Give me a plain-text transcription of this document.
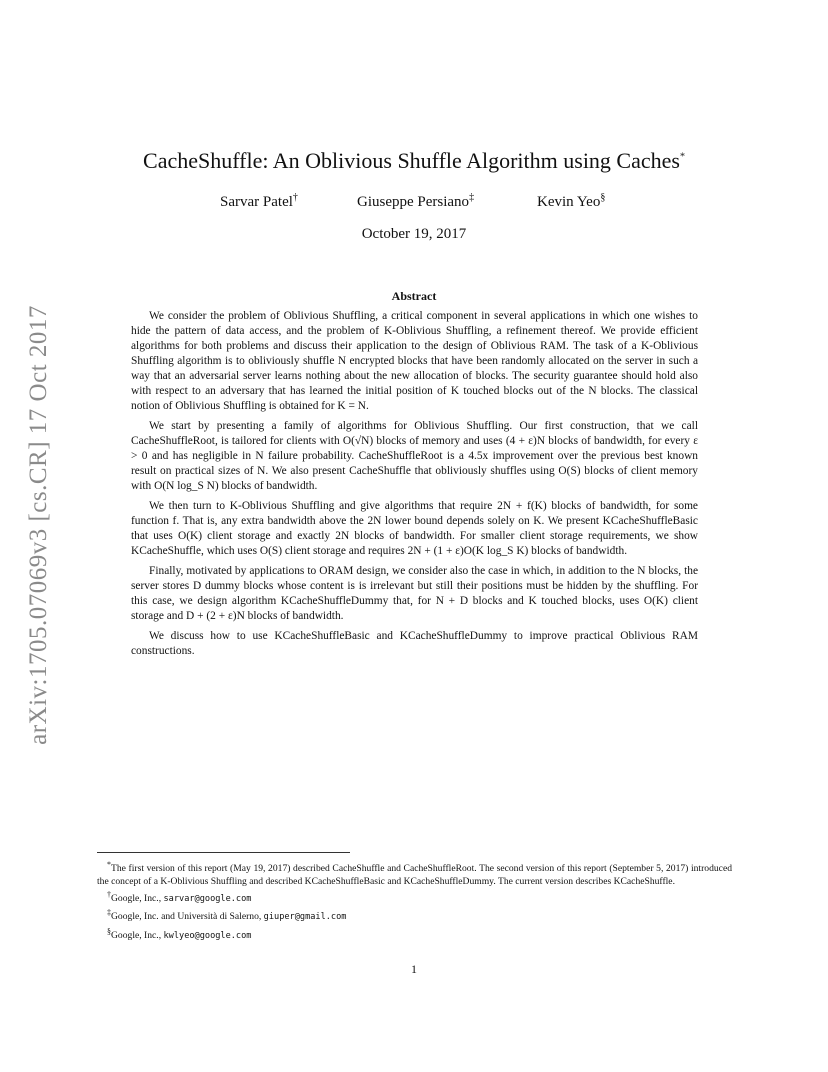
arXiv:1705.07069v3 [cs.CR] 17 Oct 2017
CacheShuffle: An Oblivious Shuffle Algorithm using Caches*
Sarvar Patel†	Giuseppe Persiano‡	Kevin Yeo§
October 19, 2017
Abstract

We consider the problem of Oblivious Shuffling, a critical component in several applications in which one wishes to hide the pattern of data access, and the problem of K-Oblivious Shuffling, a refinement thereof. We provide efficient algorithms for both problems and discuss their application to the design of Oblivious RAM. The task of a K-Oblivious Shuffling algorithm is to obliviously shuffle N encrypted blocks that have been randomly allocated on the server in such a way that an adversarial server learns nothing about the new allocation of blocks. The security guarantee should hold also with respect to an adversary that has learned the initial position of K touched blocks out of the N blocks. The classical notion of Oblivious Shuffling is obtained for K = N.

We start by presenting a family of algorithms for Oblivious Shuffling. Our first construction, that we call CacheShuffleRoot, is tailored for clients with O(√N) blocks of memory and uses (4 + ε)N blocks of bandwidth, for every ε > 0 and has negligible in N failure probability. CacheShuffleRoot is a 4.5x improvement over the previous best known result on practical sizes of N. We also present CacheShuffle that obliviously shuffles using O(S) blocks of client memory with O(N log_S N) blocks of bandwidth.

We then turn to K-Oblivious Shuffling and give algorithms that require 2N + f(K) blocks of bandwidth, for some function f. That is, any extra bandwidth above the 2N lower bound depends solely on K. We present KCacheShuffleBasic that uses O(K) client storage and exactly 2N blocks of bandwidth. For smaller client storage requirements, we show KCacheShuffle, which uses O(S) client storage and requires 2N + (1 + ε)O(K log_S K) blocks of bandwidth.

Finally, motivated by applications to ORAM design, we consider also the case in which, in addition to the N blocks, the server stores D dummy blocks whose content is is irrelevant but still their positions must be hidden by the shuffling. For this case, we design algorithm KCacheShuffleDummy that, for N + D blocks and K touched blocks, uses O(K) client storage and D + (2 + ε)N blocks of bandwidth.

We discuss how to use KCacheShuffleBasic and KCacheShuffleDummy to improve practical Oblivious RAM constructions.

*The first version of this report (May 19, 2017) described CacheShuffle and CacheShuffleRoot. The second version of this report (September 5, 2017) introduced the concept of a K-Oblivious Shuffling and described KCacheShuffleBasic and KCacheShuffleDummy. The current version describes KCacheShuffle.

†Google, Inc., sarvar@google.com

‡Google, Inc. and Università di Salerno, giuper@gmail.com

§Google, Inc., kwlyeo@google.com

1
